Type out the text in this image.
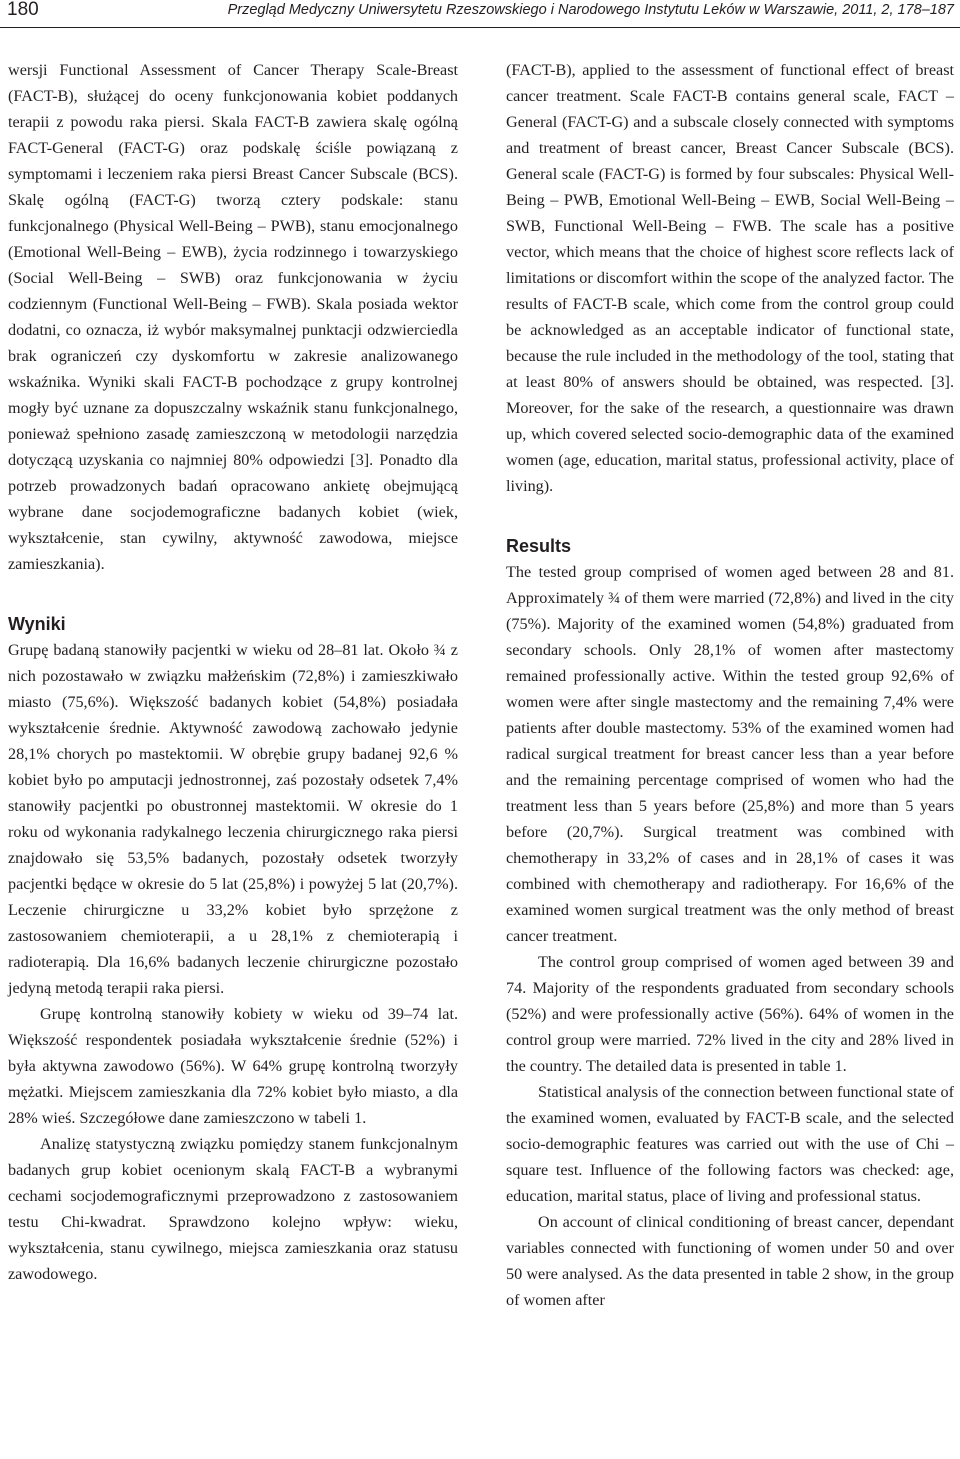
180	Przegląd Medyczny Uniwersytetu Rzeszowskiego i Narodowego Instytutu Leków w Warszawie, 2011, 2, 178–187

wersji Functional Assessment of Cancer Therapy Scale-Breast (FACT-B), służącej do oceny funkcjonowania kobiet poddanych terapii z powodu raka piersi. Skala FACT-B zawiera skalę ogólną FACT-General (FACT-G) oraz podskalę ściśle powiązaną z symptomami i leczeniem raka piersi Breast Cancer Subscale (BCS). Skalę ogólną (FACT-G) tworzą cztery podskale: stanu funkcjonalnego (Physical Well-Being – PWB), stanu emocjonalnego (Emotional Well-Being – EWB), życia rodzinnego i towarzyskiego (Social Well-Being – SWB) oraz funkcjonowania w życiu codziennym (Functional Well-Being – FWB). Skala posiada wektor dodatni, co oznacza, iż wybór maksymalnej punktacji odzwierciedla brak ograniczeń czy dyskomfortu w zakresie analizowanego wskaźnika. Wyniki skali FACT-B pochodzące z grupy kontrolnej mogły być uznane za dopuszczalny wskaźnik stanu funkcjonalnego, ponieważ spełniono zasadę zamieszczoną w metodologii narzędzia dotyczącą uzyskania co najmniej 80% odpowiedzi [3]. Ponadto dla potrzeb prowadzonych badań opracowano ankietę obejmującą wybrane dane socjodemograficzne badanych kobiet (wiek, wykształcenie, stan cywilny, aktywność zawodowa, miejsce zamieszkania).

Wyniki

Grupę badaną stanowiły pacjentki w wieku od 28–81 lat. Około ¾ z nich pozostawało w związku małżeńskim (72,8%) i zamieszkiwało miasto (75,6%). Większość badanych kobiet (54,8%) posiadała wykształcenie średnie. Aktywność zawodową zachowało jedynie 28,1% chorych po mastektomii. W obrębie grupy badanej 92,6 % kobiet było po amputacji jednostronnej, zaś pozostały odsetek 7,4% stanowiły pacjentki po obustronnej mastektomii. W okresie do 1 roku od wykonania radykalnego leczenia chirurgicznego raka piersi znajdowało się 53,5% badanych, pozostały odsetek tworzyły pacjentki będące w okresie do 5 lat (25,8%) i powyżej 5 lat (20,7%). Leczenie chirurgiczne u 33,2% kobiet było sprzężone z zastosowaniem chemioterapii, a u 28,1% z chemioterapią i radioterapią. Dla 16,6% badanych leczenie chirurgiczne pozostało jedyną metodą terapii raka piersi.

Grupę kontrolną stanowiły kobiety w wieku od 39–74 lat. Większość respondentek posiadała wykształcenie średnie (52%) i była aktywna zawodowo (56%). W 64% grupę kontrolną tworzyły mężatki. Miejscem zamieszkania dla 72% kobiet było miasto, a dla 28% wieś. Szczegółowe dane zamieszczono w tabeli 1.

Analizę statystyczną związku pomiędzy stanem funkcjonalnym badanych grup kobiet ocenionym skalą FACT-B a wybranymi cechami socjodemograficznymi przeprowadzono z zastosowaniem testu Chi-kwadrat. Sprawdzono kolejno wpływ: wieku, wykształcenia, stanu cywilnego, miejsca zamieszkania oraz statusu zawodowego.

(FACT-B), applied to the assessment of functional effect of breast cancer treatment. Scale FACT-B contains general scale, FACT – General (FACT-G) and a subscale closely connected with symptoms and treatment of breast cancer, Breast Cancer Subscale (BCS). General scale (FACT-G) is formed by four subscales: Physical Well-Being – PWB, Emotional Well-Being – EWB, Social Well-Being – SWB, Functional Well-Being – FWB. The scale has a positive vector, which means that the choice of highest score reflects lack of limitations or discomfort within the scope of the analyzed factor. The results of FACT-B scale, which come from the control group could be acknowledged as an acceptable indicator of functional state, because the rule included in the methodology of the tool, stating that at least 80% of answers should be obtained, was respected. [3]. Moreover, for the sake of the research, a questionnaire was drawn up, which covered selected socio-demographic data of the examined women (age, education, marital status, professional activity, place of living).

Results

The tested group comprised of women aged between 28 and 81. Approximately ¾ of them were married (72,8%) and lived in the city (75%). Majority of the examined women (54,8%) graduated from secondary schools. Only 28,1% of women after mastectomy remained professionally active. Within the tested group 92,6% of women were after single mastectomy and the remaining 7,4% were patients after double mastectomy. 53% of the examined women had radical surgical treatment for breast cancer less than a year before and the remaining percentage comprised of women who had the treatment less than 5 years before (25,8%) and more than 5 years before (20,7%). Surgical treatment was combined with chemotherapy in 33,2% of cases and in 28,1% of cases it was combined with chemotherapy and radiotherapy. For 16,6% of the examined women surgical treatment was the only method of breast cancer treatment.

The control group comprised of women aged between 39 and 74. Majority of the respondents graduated from secondary schools (52%) and were professionally active (56%). 64% of women in the control group were married. 72% lived in the city and 28% lived in the country. The detailed data is presented in table 1.

Statistical analysis of the connection between functional state of the examined women, evaluated by FACT-B scale, and the selected socio-demographic features was carried out with the use of Chi – square test. Influence of the following factors was checked: age, education, marital status, place of living and professional status.

On account of clinical conditioning of breast cancer, dependant variables connected with functioning of women under 50 and over 50 were analysed. As the data presented in table 2 show, in the group of women after
